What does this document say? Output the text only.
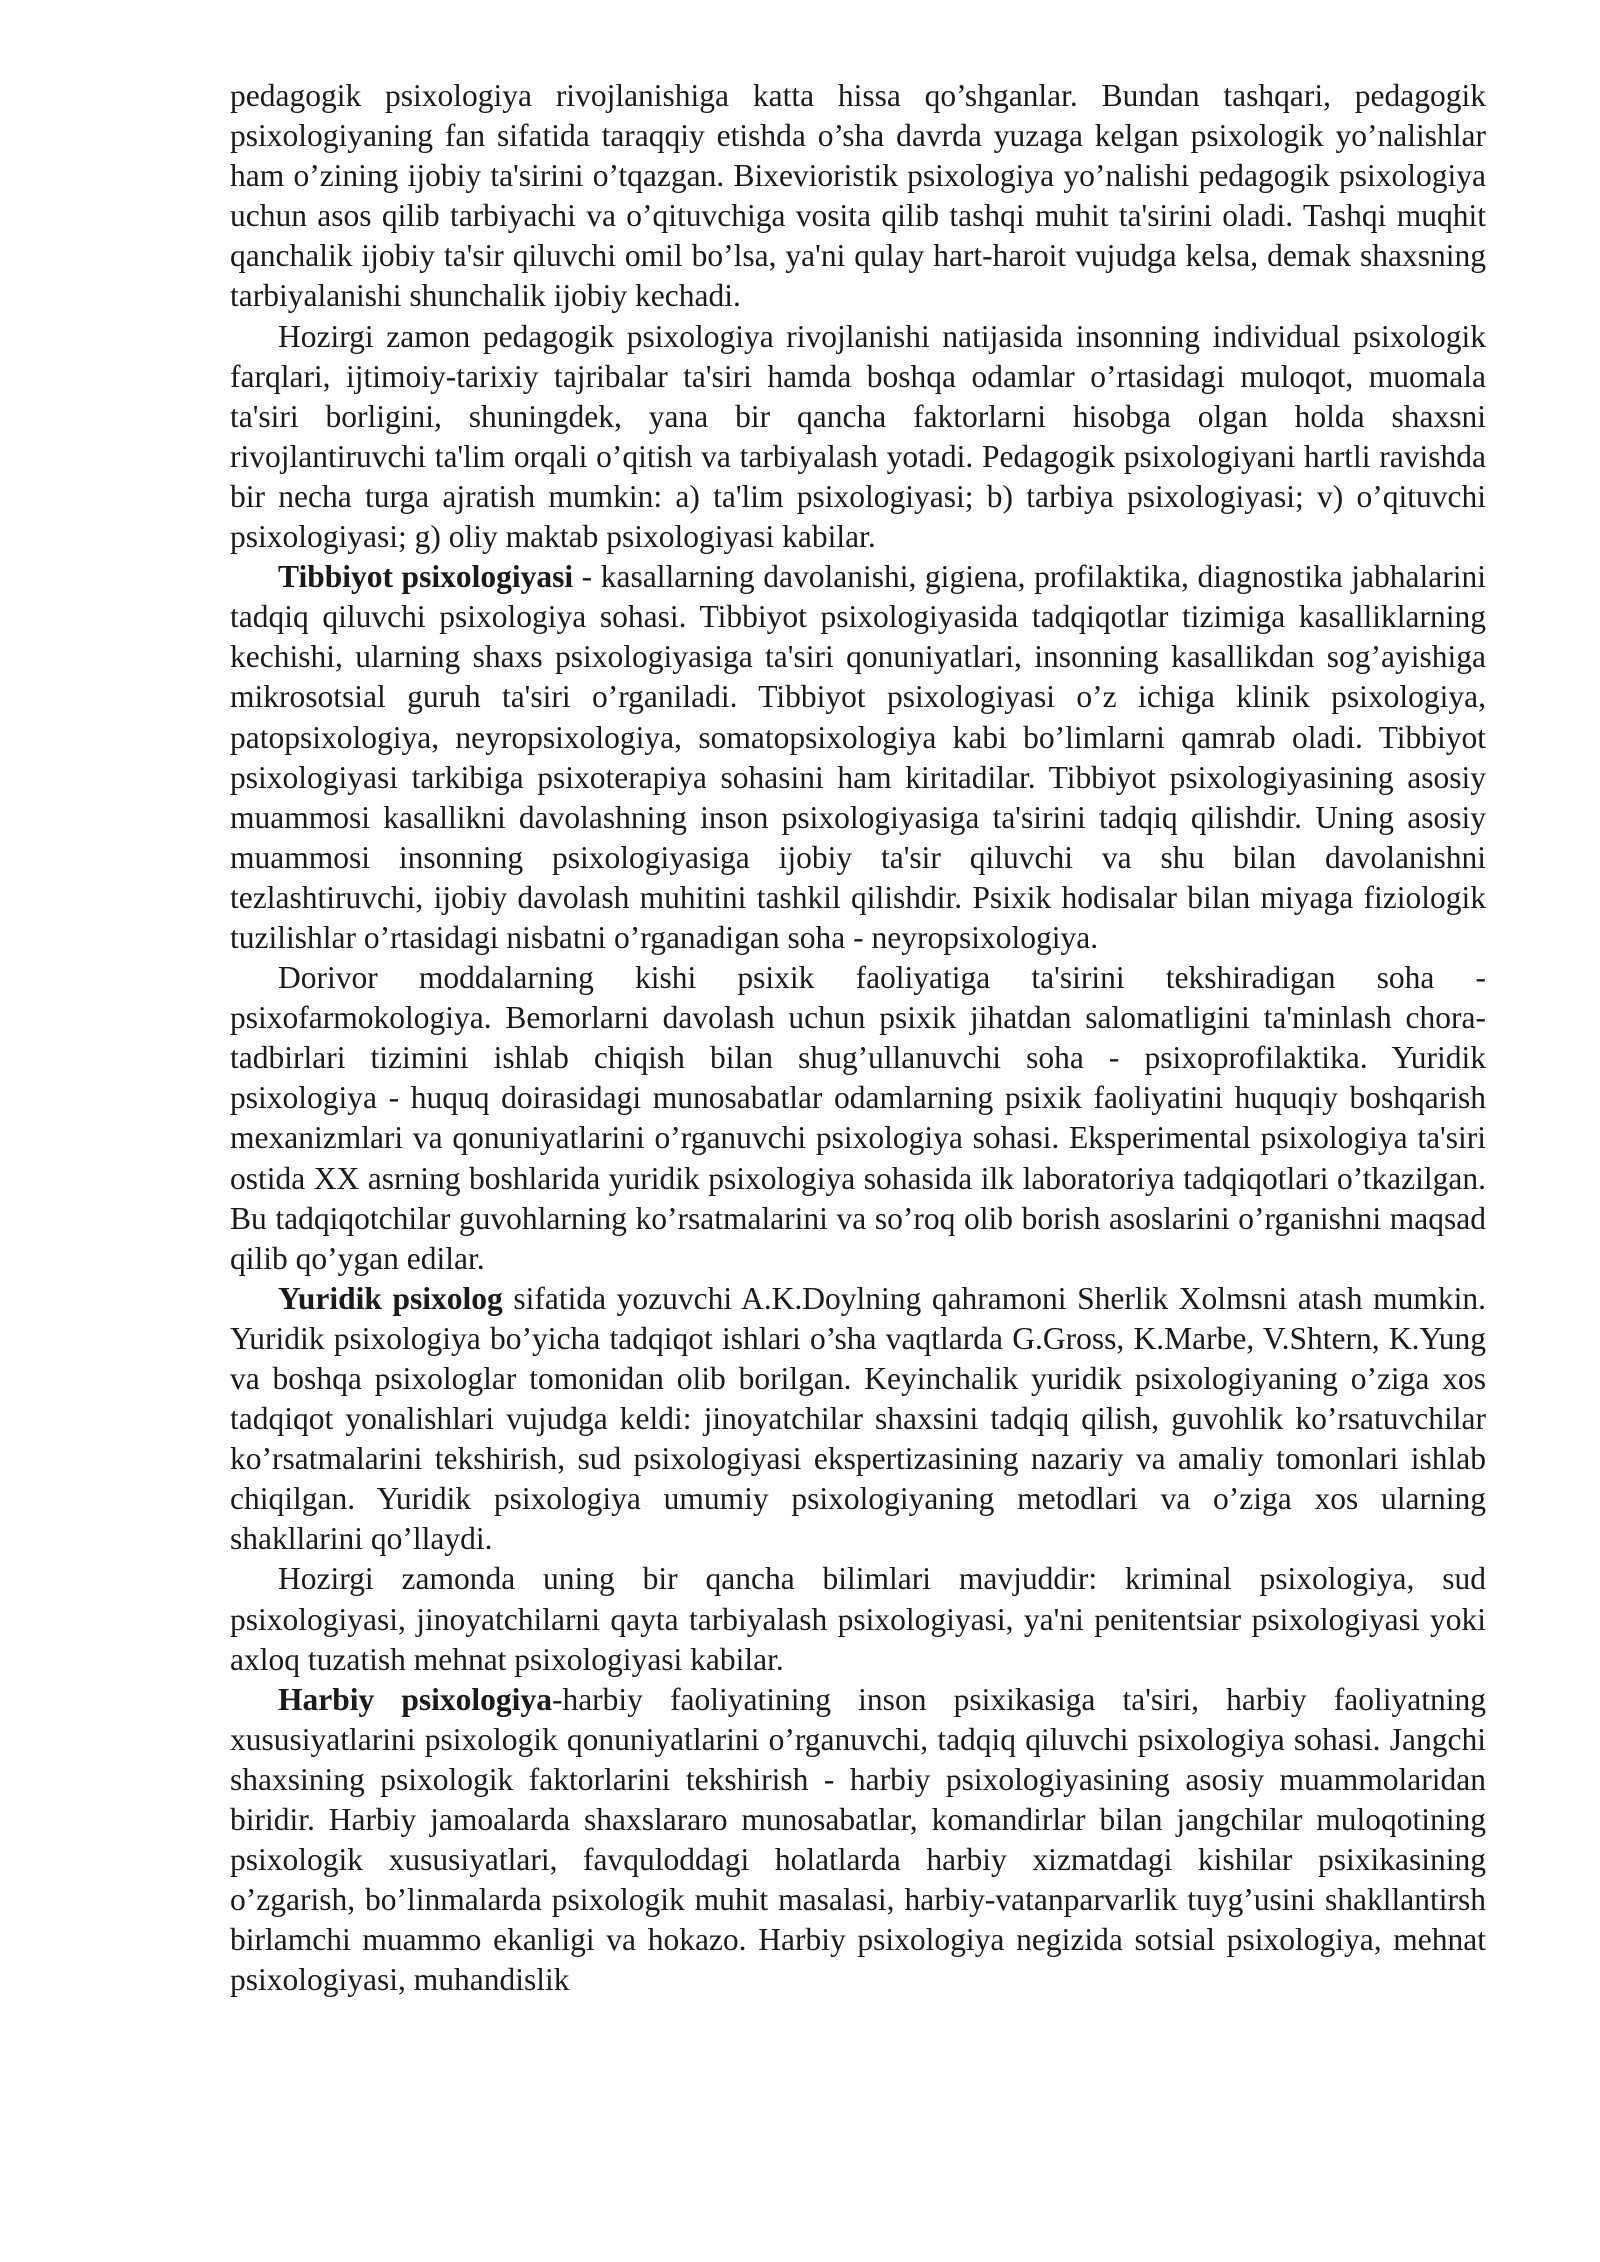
pedagogik psixologiya rivojlanishiga katta hissa qo’shganlar. Bundan tashqari, pedagogik psixologiyaning fan sifatida taraqqiy etishda o’sha davrda yuzaga kelgan psixologik yo’nalishlar ham o’zining ijobiy ta'sirini o’tqazgan. Bixevioristik psixologiya yo’nalishi pedagogik psixologiya uchun asos qilib tarbiyachi va o’qituvchiga vosita qilib tashqi muhit ta'sirini oladi. Tashqi muqhit qanchalik ijobiy ta'sir qiluvchi omil bo’lsa, ya'ni qulay hart-haroit vujudga kelsa, demak shaxsning tarbiyalanishi shunchalik ijobiy kechadi.

Hozirgi zamon pedagogik psixologiya rivojlanishi natijasida insonning individual psixologik farqlari, ijtimoiy-tarixiy tajribalar ta'siri hamda boshqa odamlar o’rtasidagi muloqot, muomala ta'siri borligini, shuningdek, yana bir qancha faktorlarni hisobga olgan holda shaxsni rivojlantiruvchi ta'lim orqali o’qitish va tarbiyalash yotadi. Pedagogik psixologiyani hartli ravishda bir necha turga ajratish mumkin: a) ta'lim psixologiyasi; b) tarbiya psixologiyasi; v) o’qituvchi psixologiyasi; g) oliy maktab psixologiyasi kabilar.

Tibbiyot psixologiyasi - kasallarning davolanishi, gigiena, profilaktika, diagnostika jabhalarini tadqiq qiluvchi psixologiya sohasi. Tibbiyot psixologiyasida tadqiqotlar tizimiga kasalliklarning kechishi, ularning shaxs psixologiyasiga ta'siri qonuniyatlari, insonning kasallikdan sog’ayishiga mikrosotsial guruh ta'siri o’rganiladi. Tibbiyot psixologiyasi o’z ichiga klinik psixologiya, patopsixologiya, neyropsixologiya, somatopsixologiya kabi bo’limlarni qamrab oladi. Tibbiyot psixologiyasi tarkibiga psixoterapiya sohasini ham kiritadilar. Tibbiyot psixologiyasining asosiy muammosi kasallikni davolashning inson psixologiyasiga ta'sirini tadqiq qilishdir. Uning asosiy muammosi insonning psixologiyasiga ijobiy ta'sir qiluvchi va shu bilan davolanishni tezlashtiruvchi, ijobiy davolash muhitini tashkil qilishdir. Psixik hodisalar bilan miyaga fiziologik tuzilishlar o’rtasidagi nisbatni o’rganadigan soha - neyropsixologiya.

Dorivor moddalarning kishi psixik faoliyatiga ta'sirini tekshiradigan soha - psixofarmokologiya. Bemorlarni davolash uchun psixik jihatdan salomatligini ta'minlash chora-tadbirlari tizimini ishlab chiqish bilan shug’ullanuvchi soha - psixoprofilaktika. Yuridik psixologiya - huquq doirasidagi munosabatlar odamlarning psixik faoliyatini huquqiy boshqarish mexanizmlari va qonuniyatlarini o’rganuvchi psixologiya sohasi. Eksperimental psixologiya ta'siri ostida XX asrning boshlarida yuridik psixologiya sohasida ilk laboratoriya tadqiqotlari o’tkazilgan. Bu tadqiqotchilar guvohlarning ko’rsatmalarini va so’roq olib borish asoslarini o’rganishni maqsad qilib qo’ygan edilar.

Yuridik psixolog sifatida yozuvchi A.K.Doylning qahramoni Sherlik Xolmsni atash mumkin. Yuridik psixologiya bo’yicha tadqiqot ishlari o’sha vaqtlarda G.Gross, K.Marbe, V.Shtern, K.Yung va boshqa psixologlar tomonidan olib borilgan. Keyinchalik yuridik psixologiyaning o’ziga xos tadqiqot yonalishlari vujudga keldi: jinoyatchilar shaxsini tadqiq qilish, guvohlik ko’rsatuvchilar ko’rsatmalarini tekshirish, sud psixologiyasi ekspertizasining nazariy va amaliy tomonlari ishlab chiqilgan. Yuridik psixologiya umumiy psixologiyaning metodlari va o’ziga xos ularning shakllarini qo’llaydi.

Hozirgi zamonda uning bir qancha bilimlari mavjuddir: kriminal psixologiya, sud psixologiyasi, jinoyatchilarni qayta tarbiyalash psixologiyasi, ya'ni penitentsiar psixologiyasi yoki axloq tuzatish mehnat psixologiyasi kabilar.

Harbiy psixologiya-harbiy faoliyatining inson psixikasiga ta'siri, harbiy faoliyatning xususiyatlarini psixologik qonuniyatlarini o’rganuvchi, tadqiq qiluvchi psixologiya sohasi. Jangchi shaxsining psixologik faktorlarini tekshirish - harbiy psixologiyasining asosiy muammolaridan biridir. Harbiy jamoalarda shaxslararo munosabatlar, komandirlar bilan jangchilar muloqotining psixologik xususiyatlari, favquloddagi holatlarda harbiy xizmatdagi kishilar psixikasining o’zgarish, bo’linmalarda psixologik muhit masalasi, harbiy-vatanparvarlik tuyg’usini shakllantirsh birlamchi muammo ekanligi va hokazo. Harbiy psixologiya negizida sotsial psixologiya, mehnat psixologiyasi, muhandislik
